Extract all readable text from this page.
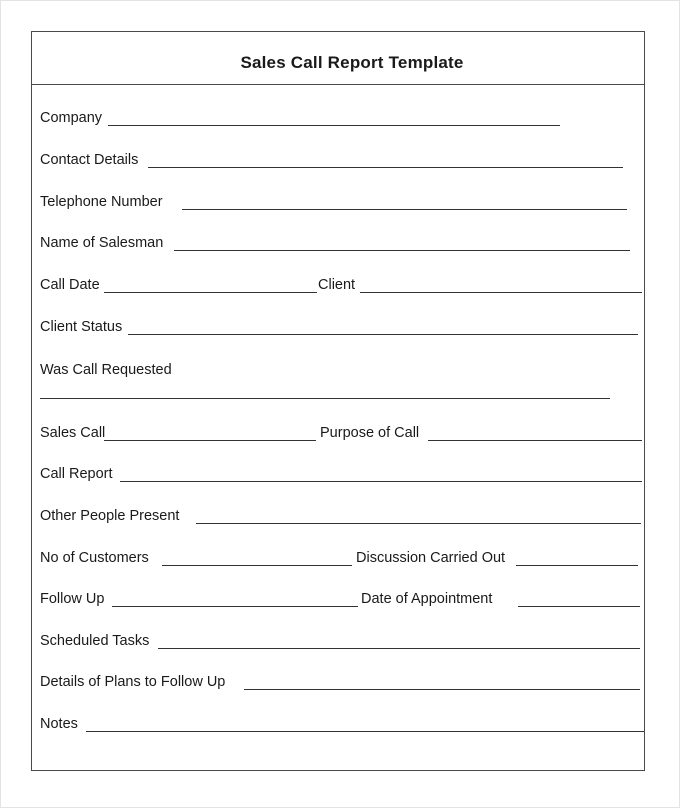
Sales Call Report Template
Company
Contact Details
Telephone Number
Name of Salesman
Call Date	Client
Client Status
Was Call Requested
Sales Call	Purpose of Call
Call Report
Other People Present
No of Customers	Discussion Carried Out
Follow Up	Date of Appointment
Scheduled Tasks
Details of Plans to Follow Up
Notes
